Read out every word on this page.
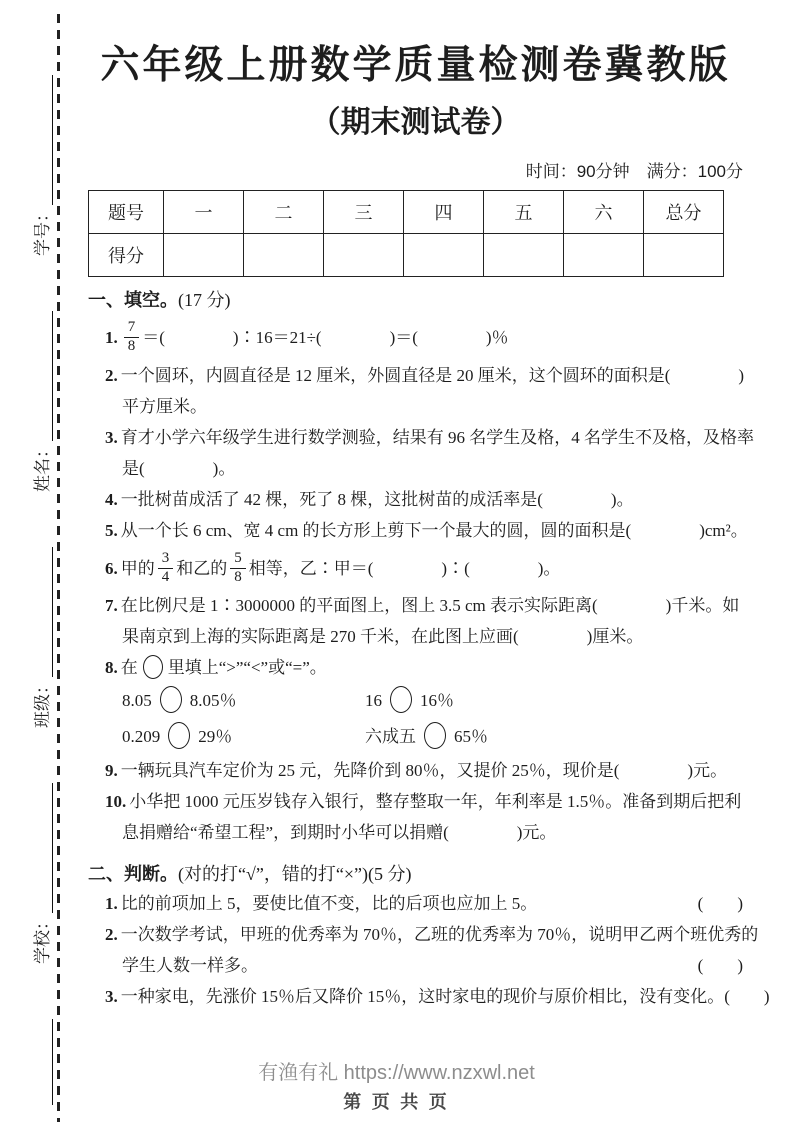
学校：
班级：
姓名：
学号：
六年级上册数学质量检测卷冀教版
（期末测试卷）
时间：90分钟　满分：100分
题号	一	二	三	四	五	六	总分
得分							
一、填空。(17 分)
1. $\frac{7}{8}$ ＝(　　　　)∶16＝21÷(　　　　)＝(　　　　)％
2. 一个圆环，内圆直径是 12 厘米，外圆直径是 20 厘米，这个圆环的面积是(　　　　)
平方厘米。
3. 育才小学六年级学生进行数学测验，结果有 96 名学生及格，4 名学生不及格，及格率
是(　　　　)。
4. 一批树苗成活了 42 棵，死了 8 棵，这批树苗的成活率是(　　　　)。
5. 从一个长 6 cm、宽 4 cm 的长方形上剪下一个最大的圆，圆的面积是(　　　　)cm²。
6. 甲的 $\frac{3}{4}$ 和乙的 $\frac{5}{8}$ 相等，乙∶甲＝(　　　　)∶(　　　　)。
7. 在比例尺是 1∶3000000 的平面图上，图上 3.5 cm 表示实际距离(　　　　)千米。如
果南京到上海的实际距离是 270 千米，在此图上应画(　　　　)厘米。
8. 在 里填上“>”“<”或“=”。
8.05 8.05％	16 16％
0.209 29％	六成五 65％
9. 一辆玩具汽车定价为 25 元，先降价到 80％，又提价 25％，现价是(　　　　)元。
10. 小华把 1000 元压岁钱存入银行，整存整取一年，年利率是 1.5％。准备到期后把利
息捐赠给“希望工程”，到期时小华可以捐赠(　　　　)元。
二、判断。(对的打“√”，错的打“×”)(5 分)
1. 比的前项加上 5，要使比值不变，比的后项也应加上 5。	(　　)
2. 一次数学考试，甲班的优秀率为 70％，乙班的优秀率为 70％，说明甲乙两个班优秀的
学生人数一样多。	(　　)
3. 一种家电，先涨价 15％后又降价 15％，这时家电的现价与原价相比，没有变化。 (　　)
有渔有礼 https://www.nzxwl.net
第 页 共 页
